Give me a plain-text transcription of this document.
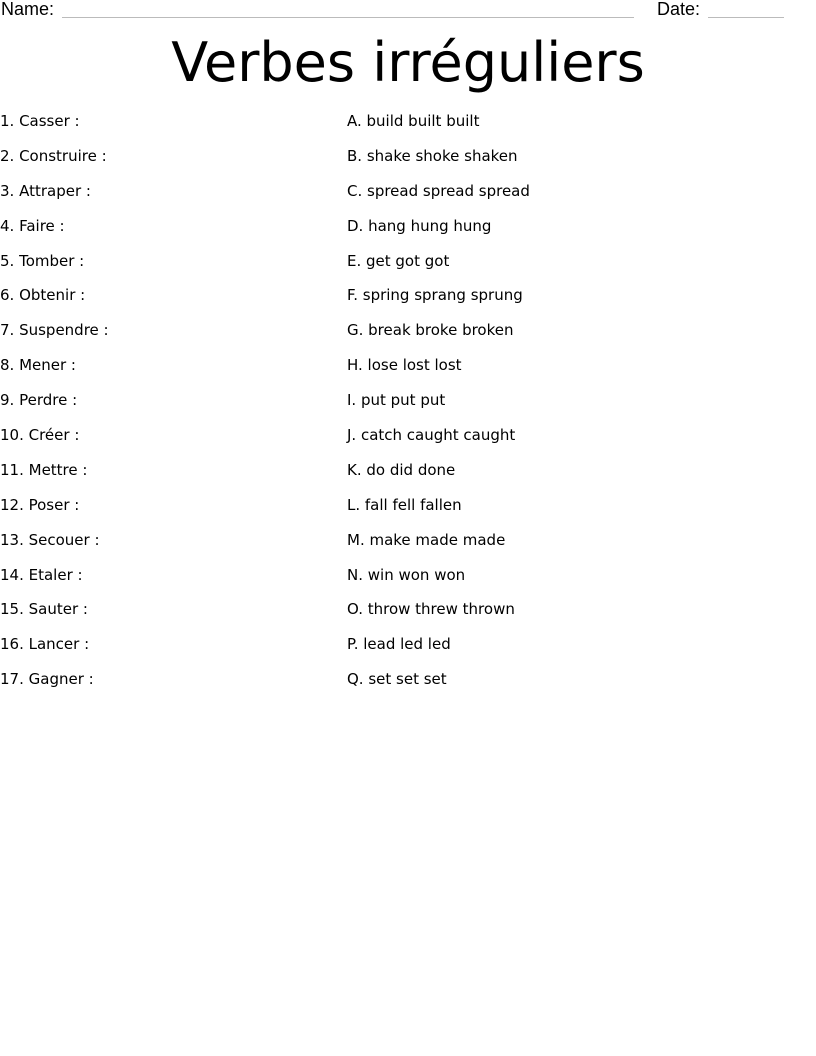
Name:	Date:
Verbes irréguliers
1. Casser :
2. Construire :
3. Attraper :
4. Faire :
5. Tomber :
6. Obtenir :
7. Suspendre :
8. Mener :
9. Perdre :
10. Créer :
11. Mettre :
12. Poser :
13. Secouer :
14. Etaler :
15. Sauter :
16. Lancer :
17. Gagner :
A. build built built
B. shake shoke shaken
C. spread spread spread
D. hang hung hung
E. get got got
F. spring sprang sprung
G. break broke broken
H. lose lost lost
I. put put put
J. catch caught caught
K. do did done
L. fall fell fallen
M. make made made
N. win won won
O. throw threw thrown
P. lead led led
Q. set set set
